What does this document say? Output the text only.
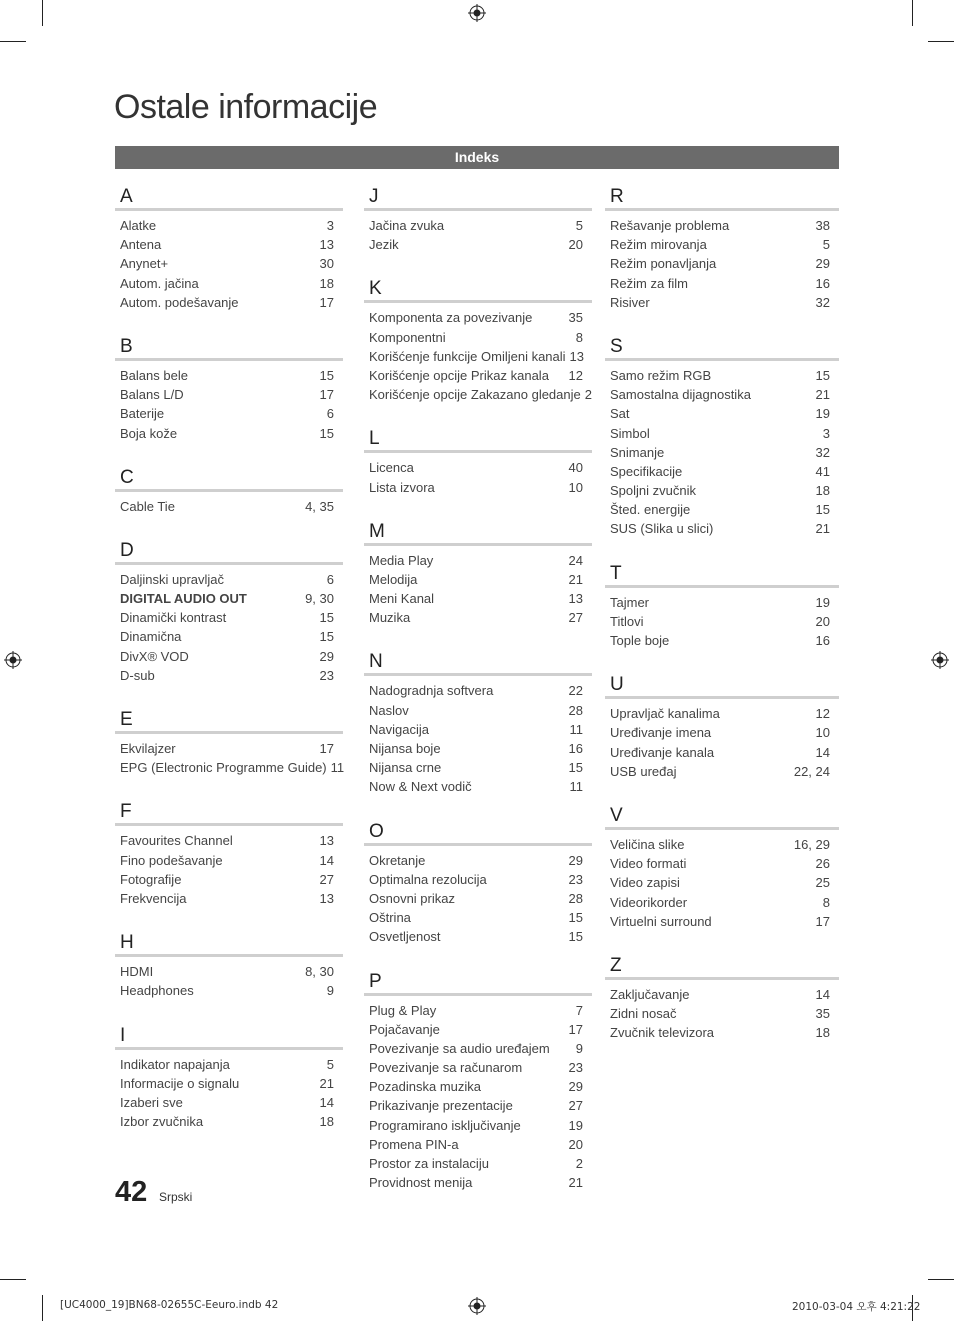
Ostale informacije
Indeks
A
Alatke	3
Antena	13
Anynet+	30
Autom. jačina	18
Autom. podešavanje	17
B
Balans bele	15
Balans L/D	17
Baterije	6
Boja kože	15
C
Cable Tie	4, 35
D
Daljinski upravljač	6
DIGITAL AUDIO OUT	9, 30
Dinamički kontrast	15
Dinamična	15
DivX® VOD	29
D-sub	23
E
Ekvilajzer	17
EPG (Electronic Programme Guide) 11
F
Favourites Channel	13
Fino podešavanje	14
Fotografije	27
Frekvencija	13
H
HDMI	8, 30
Headphones	9
I
Indikator napajanja	5
Informacije o signalu	21
Izaberi sve	14
Izbor zvučnika	18
J
Jačina zvuka	5
Jezik	20
K
Komponenta za povezivanje	35
Komponentni	8
Korišćenje funkcije Omiljeni kanali 13
Korišćenje opcije Prikaz kanala 12
Korišćenje opcije Zakazano gledanje 2
L
Licenca	40
Lista izvora	10
M
Media Play	24
Melodija	21
Meni Kanal	13
Muzika	27
N
Nadogradnja softvera	22
Naslov	28
Navigacija	11
Nijansa boje	16
Nijansa crne	15
Now & Next vodič	11
O
Okretanje	29
Optimalna rezolucija	23
Osnovni prikaz	28
Oštrina	15
Osvetljenost	15
P
Plug & Play	7
Pojačavanje	17
Povezivanje sa audio uređajem 9
Povezivanje sa računarom	23
Pozadinska muzika	29
Prikazivanje prezentacije	27
Programirano isključivanje	19
Promena PIN-a	20
Prostor za instalaciju	2
Providnost menija	21
R
Rešavanje problema	38
Režim mirovanja	5
Režim ponavljanja	29
Režim za film	16
Risiver	32
S
Samo režim RGB	15
Samostalna dijagnostika	21
Sat	19
Simbol	3
Snimanje	32
Specifikacije	41
Spoljni zvučnik	18
Šted. energije	15
SUS (Slika u slici)	21
T
Tajmer	19
Titlovi	20
Tople boje	16
U
Upravljač kanalima	12
Uređivanje imena	10
Uređivanje kanala	14
USB uređaj	22, 24
V
Veličina slike	16, 29
Video formati	26
Video zapisi	25
Videorikorder	8
Virtuelni surround	17
Z
Zaključavanje	14
Zidni nosač	35
Zvučnik televizora	18
42 Srpski
[UC4000_19]BN68-02655C-Eeuro.indb 42	2010-03-04 오후 4:21:22
